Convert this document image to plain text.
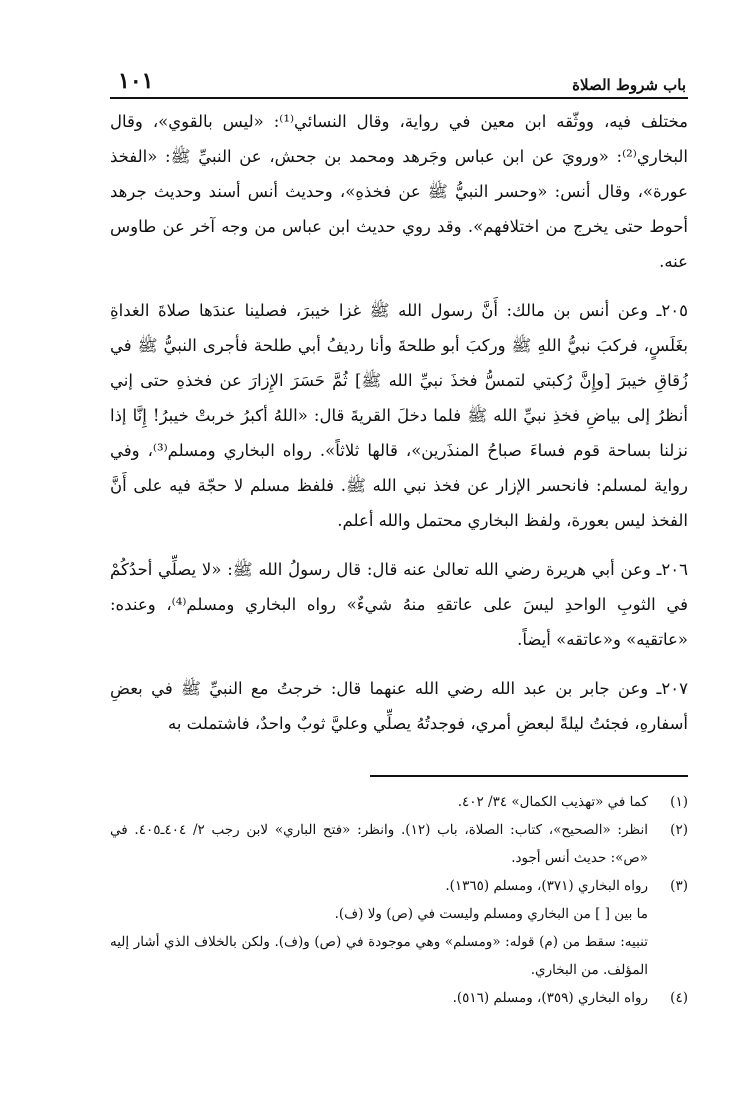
١٠١	باب شروط الصلاة

مختلف فيه، ووثّقه ابن معين في رواية، وقال النسائي⁽¹⁾: «ليس بالقوي»، وقال البخاري⁽²⁾: «ورويَ عن ابن عباس وجَرهد ومحمد بن جحش، عن النبيِّ ﷺ: «الفخذ عورة»، وقال أنس: «وحسر النبيُّ ﷺ عن فخذهِ»، وحديث أنس أسند وحديث جرهد أحوط حتى يخرج من اختلافهم». وقد روي حديث ابن عباس من وجه آخر عن طاوس عنه.

٢٠٥ـ وعن أنس بن مالك: أَنَّ رسول الله ﷺ غزا خيبرَ، فصلينا عندَها صلاةَ الغداةِ بغَلَسٍ، فركبَ نبيُّ اللهِ ﷺ وركبَ أبو طلحةَ وأنا رديفُ أبي طلحة فأجرى النبيُّ ﷺ في زُقاقِ خيبرَ [وإِنَّ رُكبتي لتمسُّ فخذَ نبيِّ الله ﷺ] ثُمَّ حَسَرَ الإِزارَ عن فخذهِ حتى إني أنظرُ إلى بياضِ فخذِ نبيِّ الله ﷺ فلما دخلَ القريةَ قال: «اللهُ أكبرُ خربتْ خيبرُ! إِنَّا إذا نزلنا بساحة قوم فساءَ صباحُ المنذَرين»، قالها ثلاثاً». رواه البخاري ومسلم⁽³⁾، وفي رواية لمسلم: فانحسر الإزار عن فخذ نبي الله ﷺ. فلفظ مسلم لا حجّة فيه على أَنَّ الفخذ ليس بعورة، ولفظ البخاري محتمل والله أعلم.

٢٠٦ـ وعن أبي هريرة رضي الله تعالىٰ عنه قال: قال رسولُ الله ﷺ: «لا يصلِّي أحدُكُمْ في الثوبِ الواحدِ ليسَ على عاتقهِ منهُ شيءٌ» رواه البخاري ومسلم⁽⁴⁾، وعنده: «عاتقيه» و«عاتقه» أيضاً.

٢٠٧ـ وعن جابر بن عبد الله رضي الله عنهما قال: خرجتُ مع النبيِّ ﷺ في بعضِ أسفارهِ، فجئتُ ليلةً لبعضِ أمري، فوجدتُهُ يصلِّي وعليَّ ثوبٌ واحدٌ، فاشتملت به

(١)
كما في «تهذيب الكمال» ٣٤/ ٤٠٢.
(٢)
انظر: «الصحيح»، كتاب: الصلاة، باب (١٢). وانظر: «فتح الباري» لابن رجب ٢/ ٤٠٤ـ٤٠٥. في «ص»: حديث أنس أجود.
(٣)
رواه البخاري (٣٧١)، ومسلم (١٣٦٥).
ما بين [ ] من البخاري ومسلم وليست في (ص) ولا (ف).
تنبيه: سقط من (م) قوله: «ومسلم» وهي موجودة في (ص) و(ف). ولكن بالخلاف الذي أشار إليه المؤلف. من البخاري.
(٤)
رواه البخاري (٣٥٩)، ومسلم (٥١٦).
